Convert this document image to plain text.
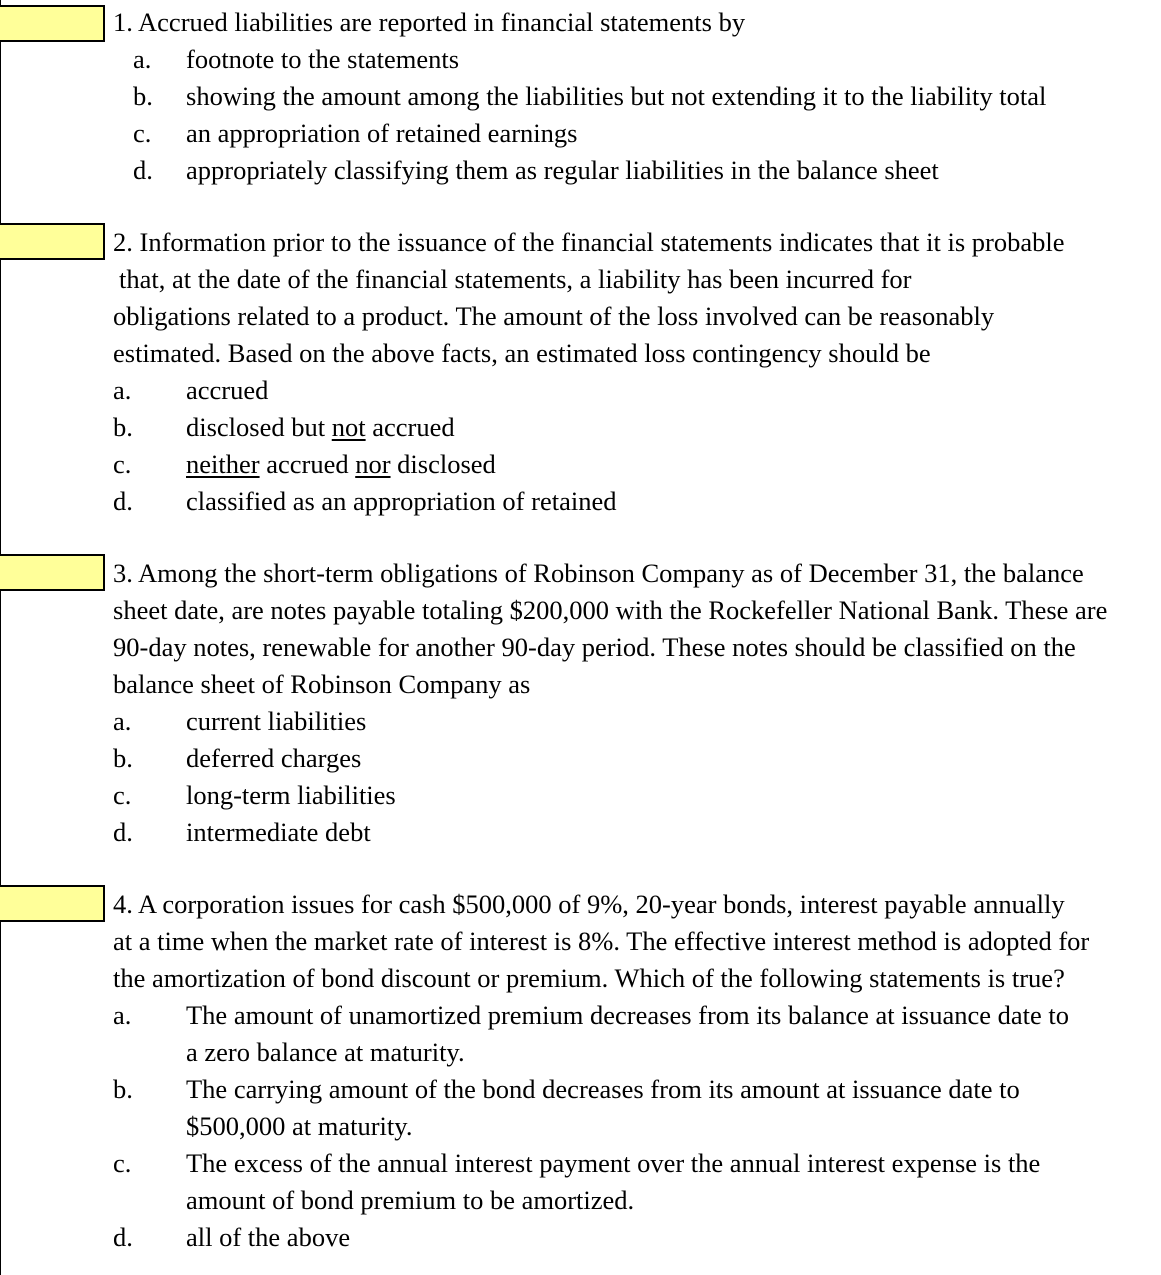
1. Accrued liabilities are reported in financial statements by
a. footnote to the statements
b. showing the amount among the liabilities but not extending it to the liability total
c. an appropriation of retained earnings
d. appropriately classifying them as regular liabilities in the balance sheet
2. Information prior to the issuance of the financial statements indicates that it is probable
that, at the date of the financial statements, a liability has been incurred for
obligations related to a product. The amount of the loss involved can be reasonably
estimated. Based on the above facts, an estimated loss contingency should be
a. accrued
b. disclosed but not accrued
c. neither accrued nor disclosed
d. classified as an appropriation of retained
3. Among the short-term obligations of Robinson Company as of December 31, the balance
sheet date, are notes payable totaling $200,000 with the Rockefeller National Bank. These are
90-day notes, renewable for another 90-day period. These notes should be classified on the
balance sheet of Robinson Company as
a. current liabilities
b. deferred charges
c. long-term liabilities
d. intermediate debt
4. A corporation issues for cash $500,000 of 9%, 20-year bonds, interest payable annually
at a time when the market rate of interest is 8%. The effective interest method is adopted for
the amortization of bond discount or premium. Which of the following statements is true?
a. The amount of unamortized premium decreases from its balance at issuance date to
a zero balance at maturity.
b. The carrying amount of the bond decreases from its amount at issuance date to
$500,000 at maturity.
c. The excess of the annual interest payment over the annual interest expense is the
amount of bond premium to be amortized.
d. all of the above
